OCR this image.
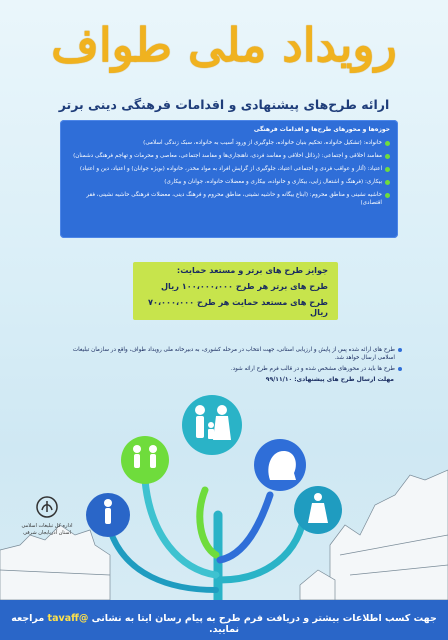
رویداد ملی طواف
ارائه طرح‌های پیشنهادی و اقدامات فرهنگی دینی برتر
حوزه‌ها و محورهای طرح‌ها و اقدامات فرهنگی
خانواده: (تشکیل خانواده، تحکیم بنیان خانواده، جلوگیری از ورود آسیب به خانواده، سبک زندگی اسلامی)
مفاسد اخلاقی و اجتماعی: (رذائل اخلاقی و مفاسد فردی، ناهنجاری‌ها و مفاسد اجتماعی، معاصی و محرمات و تهاجم فرهنگی دشمنان)
اعتیاد: (آثار و عواقب فردی و اجتماعی اعتیاد، جلوگیری از گرایش افراد به مواد مخدر، خانواده (بویژه جوانان) و اعتیاد، دین و اعتیاد)
بیکاری: (فرهنگ و اشتغال زایی، بیکاری و خانواده، بیکاری و معضلات خانواده، جوانان و بیکاری)
حاشیه نشینی و مناطق محروم: (ابناع بیگانه و حاشیه نشینی، مناطق محروم و فرهنگ دینی، معضلات فرهنگی حاشیه نشینی، فقر اقتصادی)
جوایز طرح های برتر و مستعد حمایت:
طرح های برتر هر طرح ۱۰۰،۰۰۰،۰۰۰ ریال
طرح های مستعد حمایت هر طرح ۷۰،۰۰۰،۰۰۰ ریال
طرح های ارائه شده پس از پایش و ارزیابی استانی، جهت انتخاب در مرحله کشوری، به دبیرخانه ملی رویداد طواف، واقع در سازمان تبلیغات اسلامی ارسال خواهد شد.
طرح ها باید در محورهای مشخص شده و در قالب فرم طرح ارائه شود.
مهلت ارسال طرح های پیشنهادی: ۹۹/۱۱/۱۰
اداره کل تبلیغات اسلامی
استان آذربایجان شرقی
جهت کسب اطلاعات بیشتر و دریافت فرم طرح به پیام رسان ایتا به نشانی @tavaff مراجعه نمایید.
